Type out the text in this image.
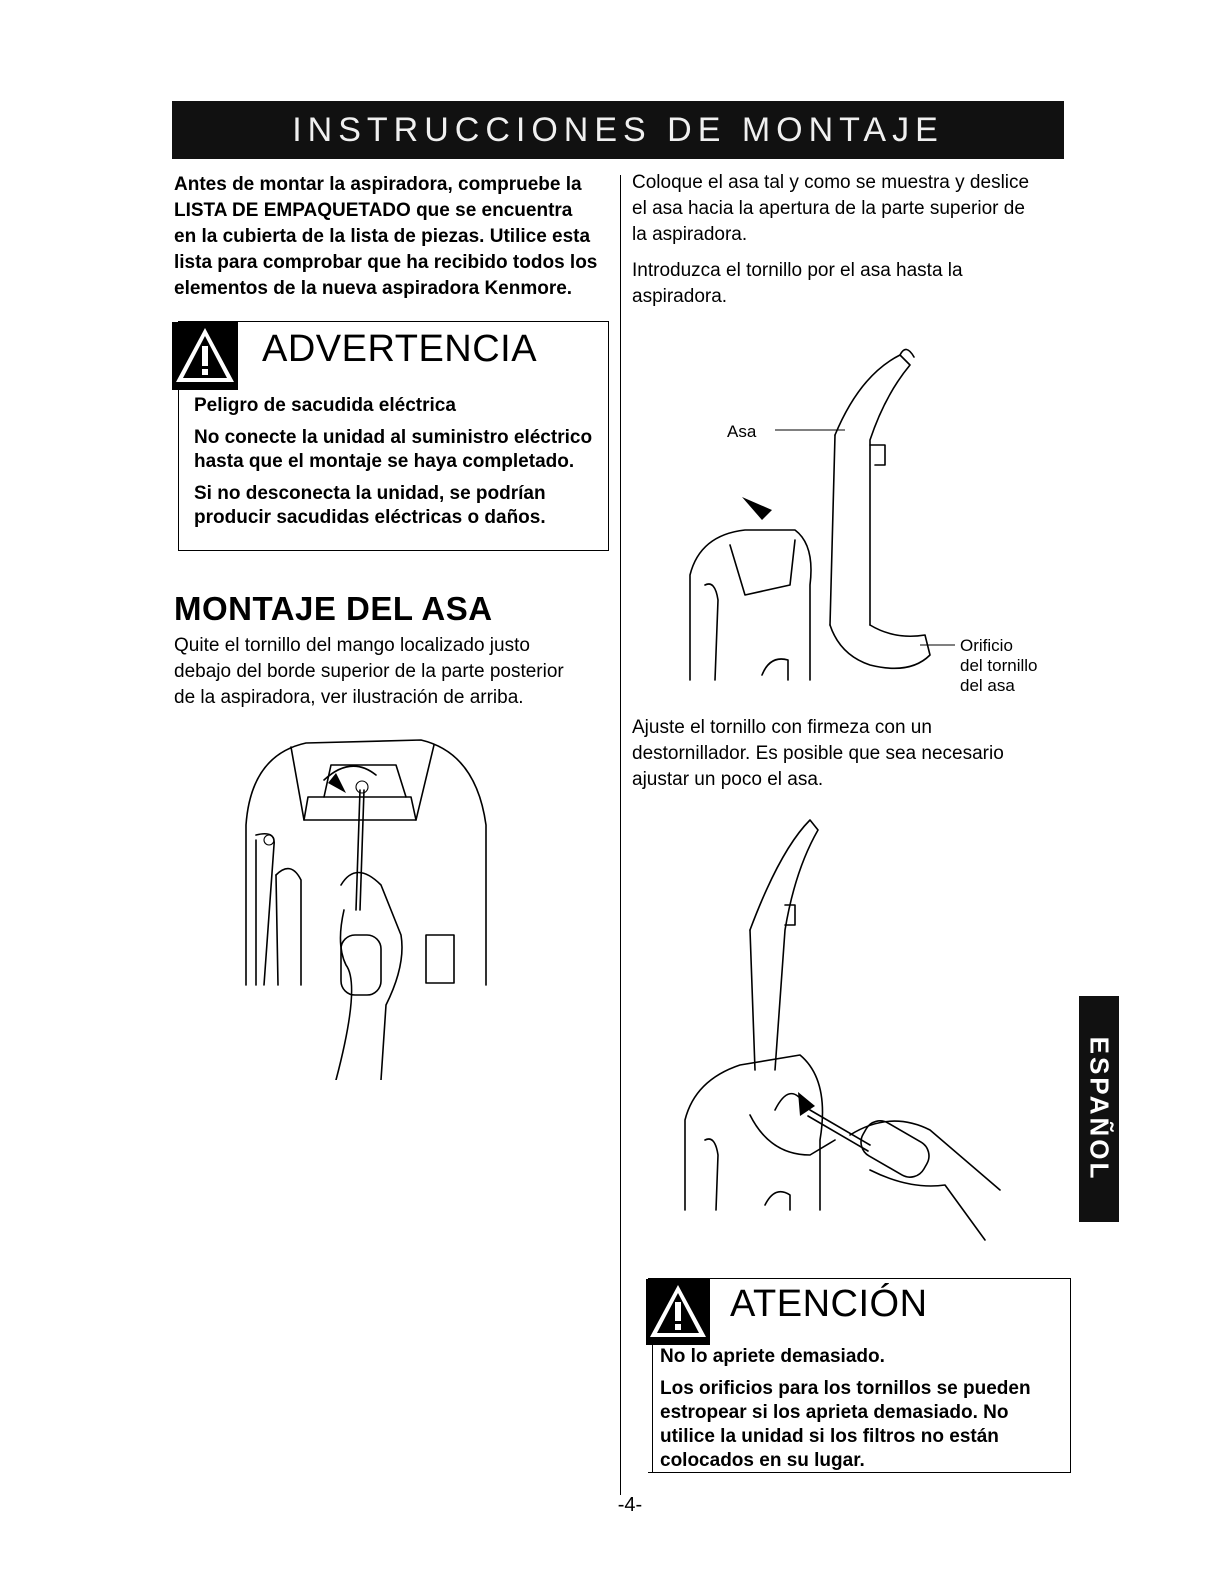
INSTRUCCIONES DE MONTAJE
Antes de montar la aspiradora, compruebe la
LISTA DE EMPAQUETADO que se encuentra
en la cubierta de la lista de piezas. Utilice esta
lista para comprobar que ha recibido todos los
elementos de la nueva aspiradora Kenmore.
ADVERTENCIA

Peligro de sacudida eléctrica

No conecte la unidad al suministro eléctrico

hasta que el montaje se haya completado.

Si no desconecta la unidad, se podrían

producir sacudidas eléctricas o daños.

MONTAJE DEL ASA

Quite el tornillo del mango localizado justo

debajo del borde superior de la parte posterior

de la aspiradora, ver ilustración de arriba.

Coloque el asa tal y como se muestra y deslice

el asa hacia la apertura de la parte superior de

la aspiradora.

Introduzca el tornillo por el asa hasta la

aspiradora.

Asa
Orificio
del tornillo
del asa

Ajuste el tornillo con firmeza con un

destornillador. Es posible que sea necesario

ajustar un poco el asa.

ESPAÑOL
ATENCIÓN

No lo apriete demasiado.

Los orificios para los tornillos se pueden

estropear si los aprieta demasiado. No

utilice la unidad si los filtros no están

colocados en su lugar.

-4-
